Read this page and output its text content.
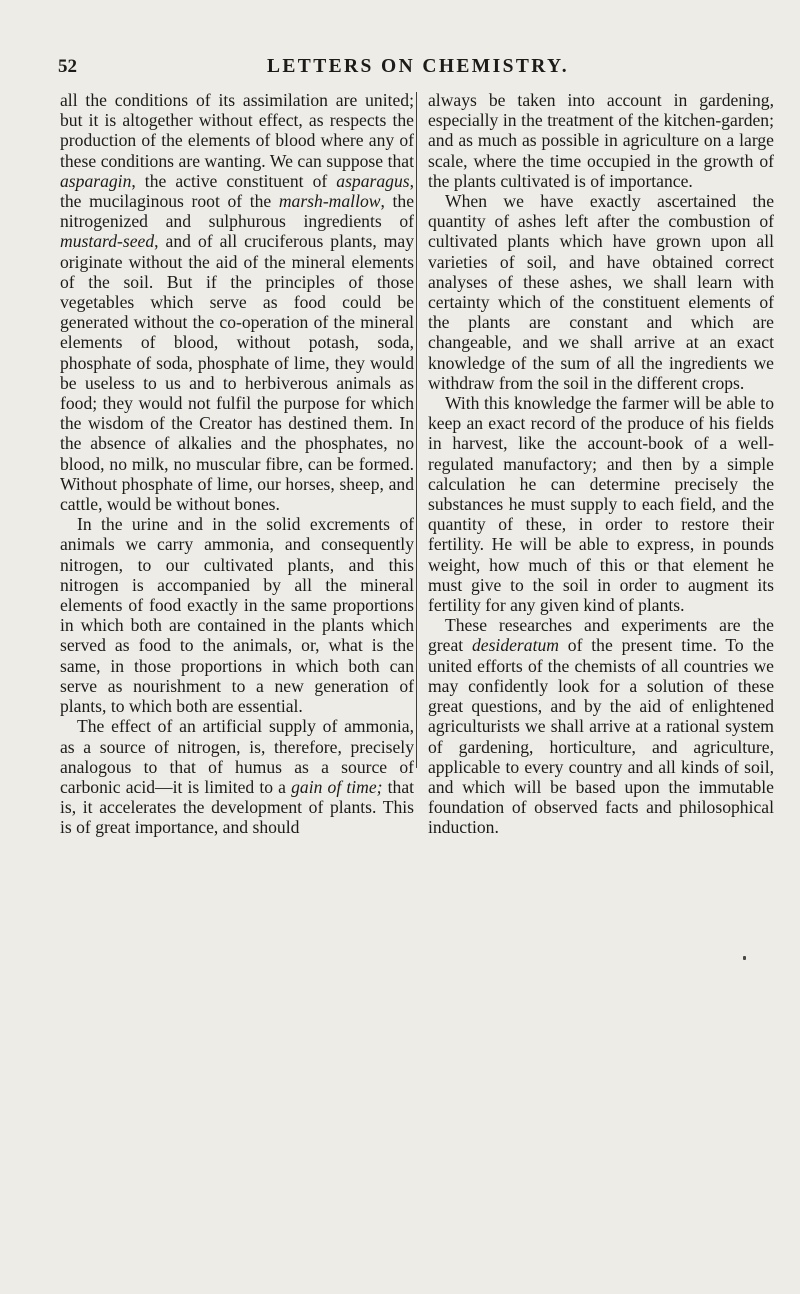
52	LETTERS ON CHEMISTRY.

all the conditions of its assimilation are united; but it is altogether without effect, as respects the production of the elements of blood where any of these conditions are wanting. We can suppose that asparagin, the active constituent of asparagus, the mucilaginous root of the marsh-mallow, the nitrogenized and sulphurous ingredients of mustard-seed, and of all cruciferous plants, may originate without the aid of the mineral elements of the soil. But if the principles of those vegetables which serve as food could be generated without the co-operation of the mineral elements of blood, without potash, soda, phosphate of soda, phosphate of lime, they would be useless to us and to herbiverous animals as food; they would not fulfil the purpose for which the wisdom of the Creator has destined them. In the absence of alkalies and the phosphates, no blood, no milk, no muscular fibre, can be formed. Without phosphate of lime, our horses, sheep, and cattle, would be without bones.

In the urine and in the solid excrements of animals we carry ammonia, and consequently nitrogen, to our cultivated plants, and this nitrogen is accompanied by all the mineral elements of food exactly in the same proportions in which both are contained in the plants which served as food to the animals, or, what is the same, in those proportions in which both can serve as nourishment to a new generation of plants, to which both are essential.

The effect of an artificial supply of ammonia, as a source of nitrogen, is, therefore, precisely analogous to that of humus as a source of carbonic acid—it is limited to a gain of time; that is, it accelerates the development of plants. This is of great importance, and should

always be taken into account in gardening, especially in the treatment of the kitchen-garden; and as much as possible in agriculture on a large scale, where the time occupied in the growth of the plants cultivated is of importance.

When we have exactly ascertained the quantity of ashes left after the combustion of cultivated plants which have grown upon all varieties of soil, and have obtained correct analyses of these ashes, we shall learn with certainty which of the constituent elements of the plants are constant and which are changeable, and we shall arrive at an exact knowledge of the sum of all the ingredients we withdraw from the soil in the different crops.

With this knowledge the farmer will be able to keep an exact record of the produce of his fields in harvest, like the account-book of a well-regulated manufactory; and then by a simple calculation he can determine precisely the substances he must supply to each field, and the quantity of these, in order to restore their fertility. He will be able to express, in pounds weight, how much of this or that element he must give to the soil in order to augment its fertility for any given kind of plants.

These researches and experiments are the great desideratum of the present time. To the united efforts of the chemists of all countries we may confidently look for a solution of these great questions, and by the aid of enlightened agriculturists we shall arrive at a rational system of gardening, horticulture, and agriculture, applicable to every country and all kinds of soil, and which will be based upon the immutable foundation of observed facts and philosophical induction.
